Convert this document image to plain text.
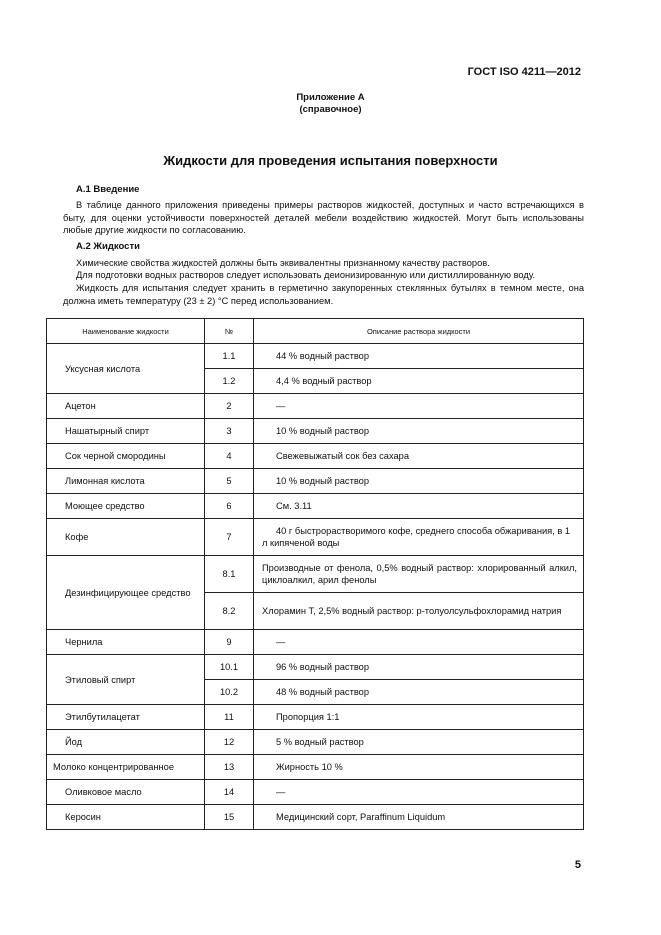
ГОСТ ISO 4211—2012
Приложение А
(справочное)
Жидкости для проведения испытания поверхности
А.1 Введение
В таблице данного приложения приведены примеры растворов жидкостей, доступных и часто встречающихся в быту, для оценки устойчивости поверхностей деталей мебели воздействию жидкостей. Могут быть использованы любые другие жидкости по согласованию.
А.2 Жидкости
Химические свойства жидкостей должны быть эквивалентны признанному качеству растворов.
Для подготовки водных растворов следует использовать деионизированную или дистиллированную воду.
Жидкость для испытания следует хранить в герметично закупоренных стеклянных бутылях в темном месте, она должна иметь температуру (23 ± 2) °С перед использованием.
Наименование жидкости	№	Описание раствора жидкости
Уксусная кислота	1.1	44 % водный раствор
	1.2	4,4 % водный раствор
Ацетон	2	—
Нашатырный спирт	3	10 % водный раствор
Сок черной смородины	4	Свежевыжатый сок без сахара
Лимонная кислота	5	10 % водный раствор
Моющее средство	6	См. 3.11
Кофе	7	40 г быстрорастворимого кофе, среднего способа обжаривания, в 1 л кипяченой воды
Дезинфицирующее средство	8.1	Производные от фенола, 0,5% водный раствор: хлорированный алкил, циклоалкил, арил фенолы
	8.2	Хлорамин Т, 2,5% водный раствор: p-толуолсульфохлорамид натрия
Чернила	9	—
Этиловый спирт	10.1	96 % водный раствор
	10.2	48 % водный раствор
Этилбутилацетат	11	Пропорция 1:1
Йод	12	5 % водный раствор
Молоко концентрированное	13	Жирность 10 %
Оливковое масло	14	—
Керосин	15	Медицинский сорт, Paraffinum Liquidum
5
